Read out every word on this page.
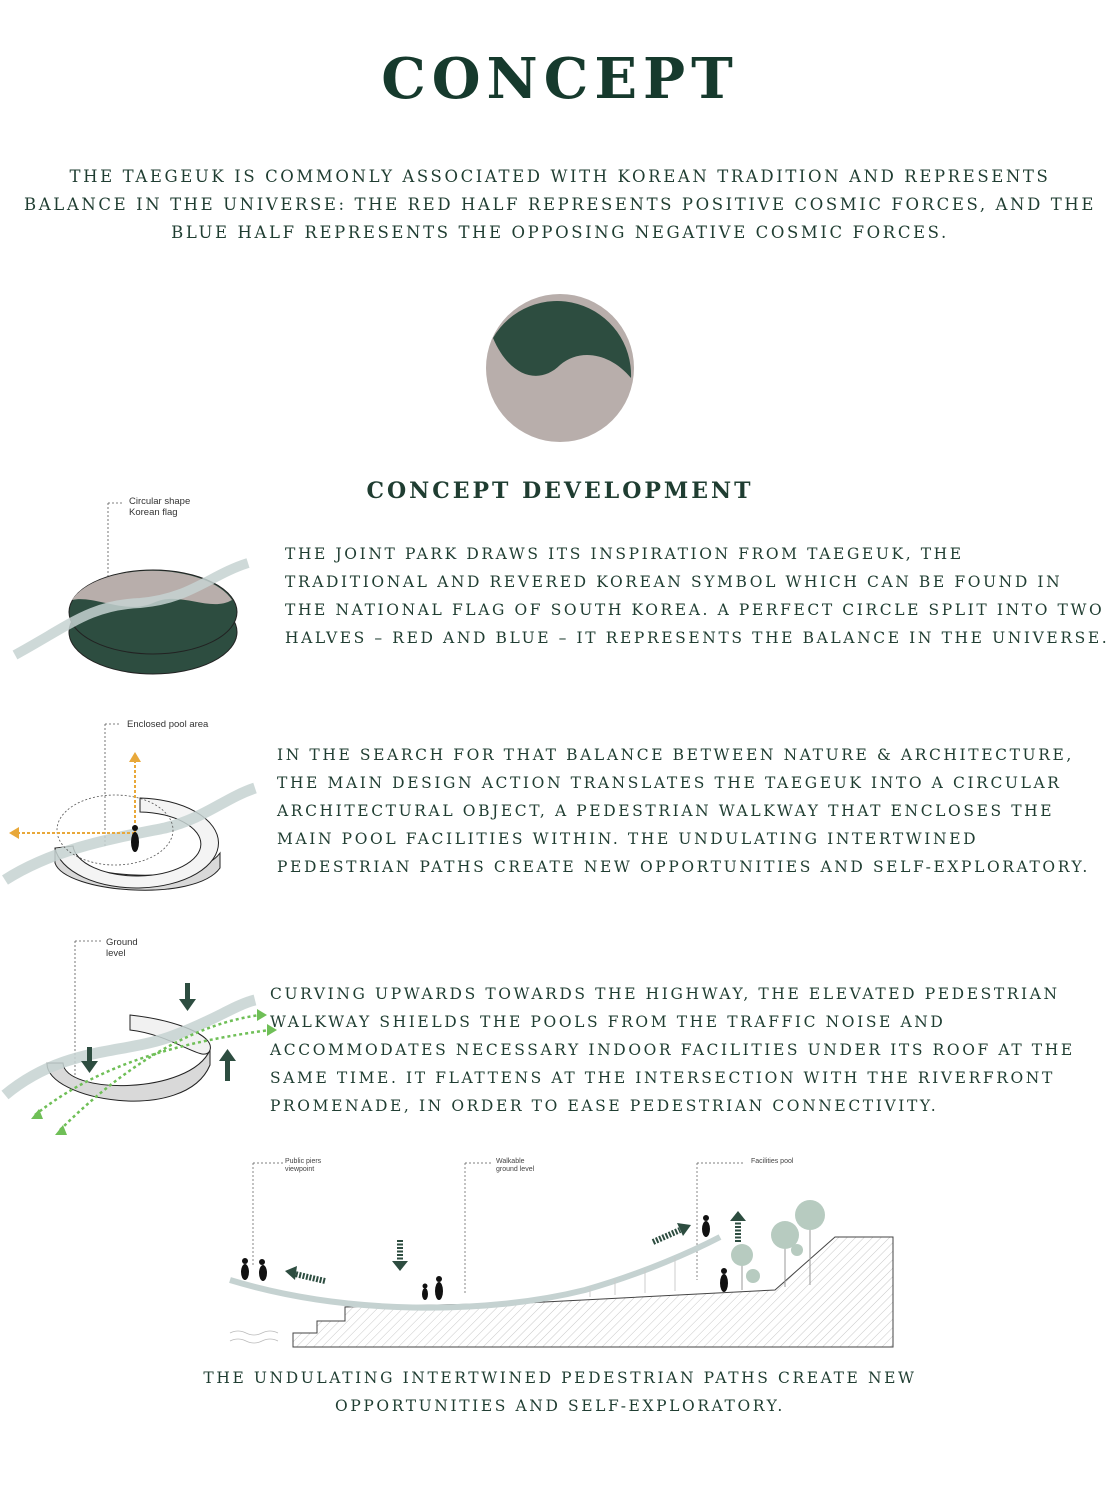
CONCEPT
THE TAEGEUK IS COMMONLY ASSOCIATED WITH KOREAN TRADITION AND REPRESENTS BALANCE IN THE UNIVERSE: THE RED HALF REPRESENTS POSITIVE COSMIC FORCES, AND THE BLUE HALF REPRESENTS THE OPPOSING NEGATIVE COSMIC FORCES.
CONCEPT DEVELOPMENT
Circular shape
Korean flag
THE JOINT PARK DRAWS ITS INSPIRATION FROM TAEGEUK, THE TRADITIONAL AND REVERED KOREAN SYMBOL WHICH CAN BE FOUND IN THE NATIONAL FLAG OF SOUTH KOREA. A PERFECT CIRCLE SPLIT INTO TWO HALVES – RED AND BLUE – IT REPRESENTS THE BALANCE IN THE UNIVERSE.
Enclosed pool area
IN THE SEARCH FOR THAT BALANCE BETWEEN NATURE & ARCHITECTURE, THE MAIN DESIGN ACTION TRANSLATES THE TAEGEUK INTO A CIRCULAR ARCHITECTURAL OBJECT, A PEDESTRIAN WALKWAY THAT ENCLOSES THE MAIN POOL FACILITIES WITHIN. THE UNDULATING INTERTWINED PEDESTRIAN PATHS CREATE NEW OPPORTUNITIES AND SELF-EXPLORATORY.
Ground
level
CURVING UPWARDS TOWARDS THE HIGHWAY, THE ELEVATED PEDESTRIAN WALKWAY SHIELDS THE POOLS FROM THE TRAFFIC NOISE AND ACCOMMODATES NECESSARY INDOOR FACILITIES UNDER ITS ROOF AT THE SAME TIME. IT FLATTENS AT THE INTERSECTION WITH THE RIVERFRONT PROMENADE, IN ORDER TO EASE PEDESTRIAN CONNECTIVITY.
Public piers
viewpoint
Walkable
ground level
Facilities pool
THE UNDULATING INTERTWINED PEDESTRIAN PATHS CREATE NEW OPPORTUNITIES AND SELF-EXPLORATORY.
